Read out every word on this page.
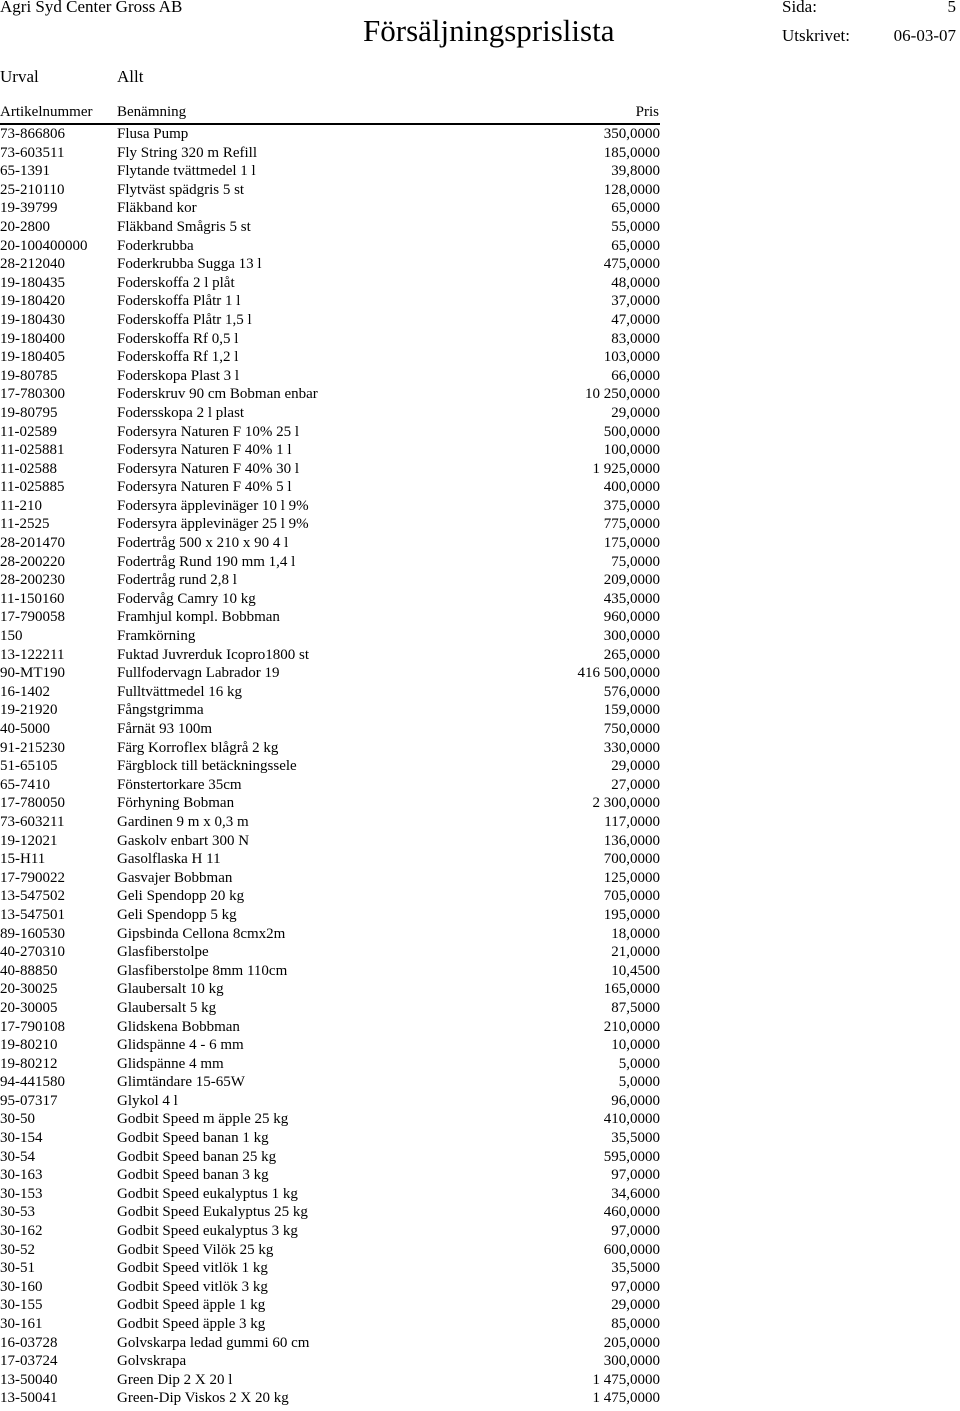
Agri Syd Center Gross AB
Försäljningsprislista
Sida:	5
Utskrivet:	06-03-07
Urval	Allt
Artikelnummer Benämning	Pris
73-866806	Flusa Pump	350,0000
73-603511	Fly String 320 m Refill	185,0000
65-1391	Flytande tvättmedel 1 l	39,8000
25-210110	Flytväst spädgris 5 st	128,0000
19-39799	Fläkband kor	65,0000
20-2800	Fläkband Smågris 5 st	55,0000
20-100400000 Foderkrubba	65,0000
28-212040	Foderkrubba Sugga 13 l	475,0000
19-180435	Foderskoffa 2 l plåt	48,0000
19-180420	Foderskoffa Plåtr 1 l	37,0000
19-180430	Foderskoffa Plåtr 1,5 l	47,0000
19-180400	Foderskoffa Rf 0,5 l	83,0000
19-180405	Foderskoffa Rf 1,2 l	103,0000
19-80785	Foderskopa Plast 3 l	66,0000
17-780300	Foderskruv 90 cm Bobman enbar	10 250,0000
19-80795	Fodersskopa 2 l plast	29,0000
11-02589	Fodersyra Naturen F 10% 25 l	500,0000
11-025881	Fodersyra Naturen F 40% 1 l	100,0000
11-02588	Fodersyra Naturen F 40% 30 l	1 925,0000
11-025885	Fodersyra Naturen F 40% 5 l	400,0000
11-210	Fodersyra äpplevinäger 10 l 9%	375,0000
11-2525	Fodersyra äpplevinäger 25 l 9%	775,0000
28-201470	Fodertråg 500 x 210 x 90 4 l	175,0000
28-200220	Fodertråg Rund 190 mm 1,4 l	75,0000
28-200230	Fodertråg rund 2,8 l	209,0000
11-150160	Fodervåg Camry 10 kg	435,0000
17-790058	Framhjul kompl. Bobbman	960,0000
150	Framkörning	300,0000
13-122211	Fuktad Juvrerduk Icopro1800 st	265,0000
90-MT190	Fullfodervagn Labrador 19	416 500,0000
16-1402	Fulltvättmedel 16 kg	576,0000
19-21920	Fångstgrimma	159,0000
40-5000	Fårnät 93 100m	750,0000
91-215230	Färg Korroflex blågrå 2 kg	330,0000
51-65105	Färgblock till betäckningssele	29,0000
65-7410	Fönstertorkare 35cm	27,0000
17-780050	Förhyning Bobman	2 300,0000
73-603211	Gardinen 9 m x 0,3 m	117,0000
19-12021	Gaskolv enbart 300 N	136,0000
15-H11	Gasolflaska H 11	700,0000
17-790022	Gasvajer Bobbman	125,0000
13-547502	Geli Spendopp 20 kg	705,0000
13-547501	Geli Spendopp 5 kg	195,0000
89-160530	Gipsbinda Cellona 8cmx2m	18,0000
40-270310	Glasfiberstolpe	21,0000
40-88850	Glasfiberstolpe 8mm 110cm	10,4500
20-30025	Glaubersalt 10 kg	165,0000
20-30005	Glaubersalt 5 kg	87,5000
17-790108	Glidskena Bobbman	210,0000
19-80210	Glidspänne 4 - 6 mm	10,0000
19-80212	Glidspänne 4 mm	5,0000
94-441580	Glimtändare 15-65W	5,0000
95-07317	Glykol 4 l	96,0000
30-50	Godbit Speed m äpple 25 kg	410,0000
30-154	Godbit Speed banan 1 kg	35,5000
30-54	Godbit Speed banan 25 kg	595,0000
30-163	Godbit Speed banan 3 kg	97,0000
30-153	Godbit Speed eukalyptus 1 kg	34,6000
30-53	Godbit Speed Eukalyptus 25 kg	460,0000
30-162	Godbit Speed eukalyptus 3 kg	97,0000
30-52	Godbit Speed Vilök 25 kg	600,0000
30-51	Godbit Speed vitlök 1 kg	35,5000
30-160	Godbit Speed vitlök 3 kg	97,0000
30-155	Godbit Speed äpple 1 kg	29,0000
30-161	Godbit Speed äpple 3 kg	85,0000
16-03728	Golvskarpa ledad gummi 60 cm	205,0000
17-03724	Golvskrapa	300,0000
13-50040	Green Dip 2 X 20 l	1 475,0000
13-50041	Green-Dip Viskos 2 X 20 kg	1 475,0000
